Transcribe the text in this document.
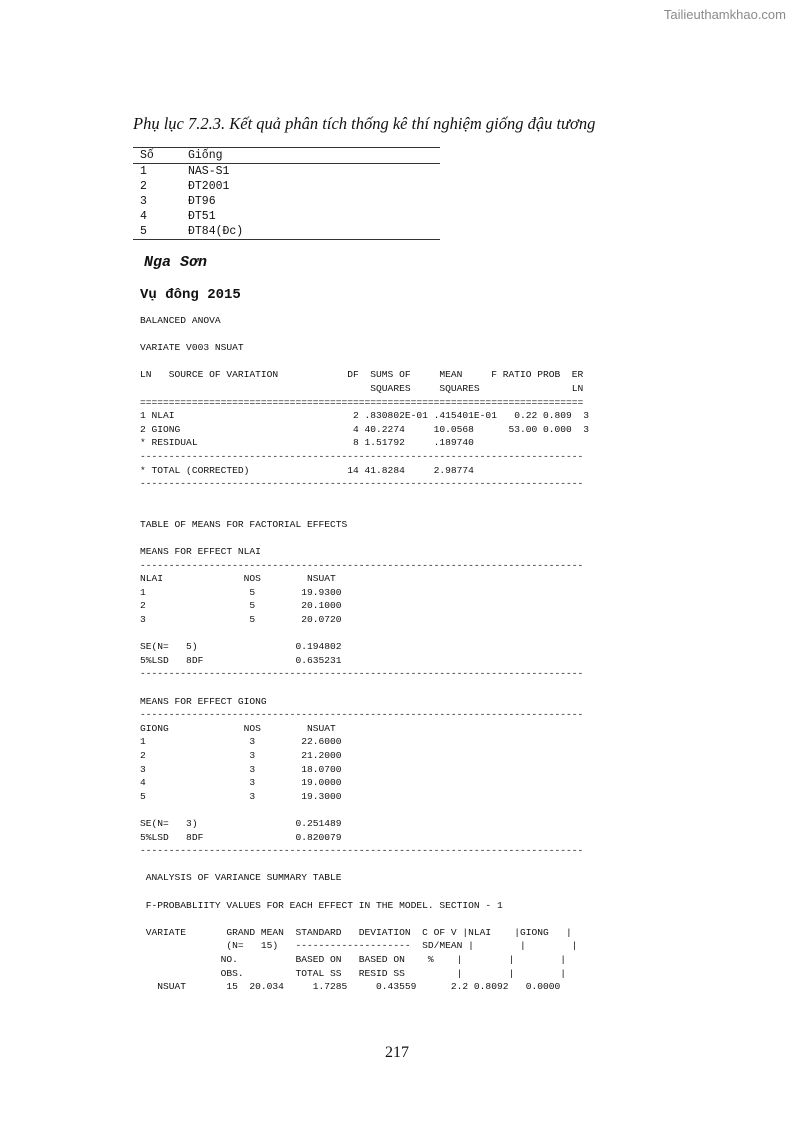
Tailieuthamkhao.com
Phụ lục 7.2.3. Kết quả phân tích thống kê thí nghiệm giống đậu tương
Số	Giống
1	NAS-S1
2	ĐT2001
3	ĐT96
4	ĐT51
5	ĐT84(Đc)
Nga Sơn
Vụ đông 2015
BALANCED ANOVA

VARIATE V003 NSUAT

LN   SOURCE OF VARIATION            DF  SUMS OF     MEAN     F RATIO PROB  ER
SQUARES     SQUARES                LN
=============================================================================
1 NLAI                               2 .830802E-01 .415401E-01   0.22 0.809  3
2 GIONG                              4 40.2274     10.0568      53.00 0.000  3
* RESIDUAL                           8 1.51792     .189740
-----------------------------------------------------------------------------
* TOTAL (CORRECTED)                 14 41.8284     2.98774
-----------------------------------------------------------------------------

TABLE OF MEANS FOR FACTORIAL EFFECTS

MEANS FOR EFFECT NLAI
-----------------------------------------------------------------------------
NLAI              NOS        NSUAT
1                  5        19.9300
2                  5        20.1000
3                  5        20.0720

SE(N=   5)                 0.194802
5%LSD   8DF                0.635231
-----------------------------------------------------------------------------

MEANS FOR EFFECT GIONG
-----------------------------------------------------------------------------
GIONG             NOS        NSUAT
1                  3        22.6000
2                  3        21.2000
3                  3        18.0700
4                  3        19.0000
5                  3        19.3000

SE(N=   3)                 0.251489
5%LSD   8DF                0.820079
-----------------------------------------------------------------------------

ANALYSIS OF VARIANCE SUMMARY TABLE

F-PROBABLIITY VALUES FOR EACH EFFECT IN THE MODEL. SECTION - 1

VARIATE       GRAND MEAN  STANDARD   DEVIATION  C OF V |NLAI    |GIONG   |
(N=   15)   --------------------  SD/MEAN |        |        |
NO.          BASED ON   BASED ON    %    |        |        |
OBS.         TOTAL SS   RESID SS         |        |        |
NSUAT       15  20.034     1.7285     0.43559      2.2 0.8092   0.0000
217
